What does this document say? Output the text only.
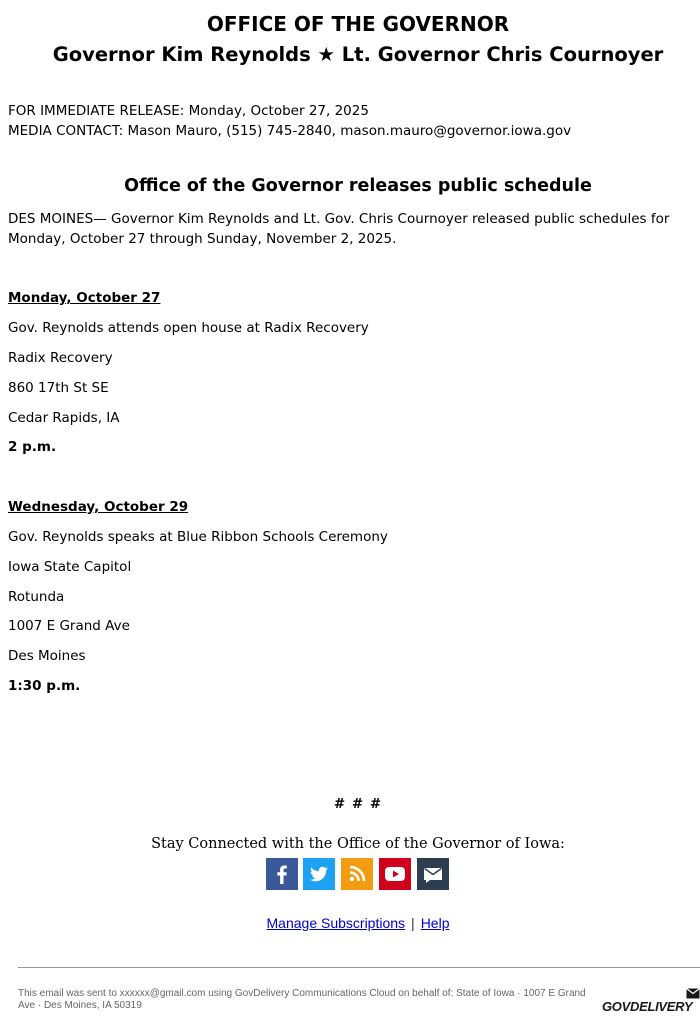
OFFICE OF THE GOVERNOR
Governor Kim Reynolds ★ Lt. Governor Chris Cournoyer
FOR IMMEDIATE RELEASE: Monday, October 27, 2025
MEDIA CONTACT: Mason Mauro, (515) 745-2840, mason.mauro@governor.iowa.gov
Office of the Governor releases public schedule
DES MOINES— Governor Kim Reynolds and Lt. Gov. Chris Cournoyer released public schedules for Monday, October 27 through Sunday, November 2, 2025.
Monday, October 27
Gov. Reynolds attends open house at Radix Recovery
Radix Recovery
860 17th St SE
Cedar Rapids, IA
2 p.m.
Wednesday, October 29
Gov. Reynolds speaks at Blue Ribbon Schools Ceremony
Iowa State Capitol
Rotunda
1007 E Grand Ave
Des Moines
1:30 p.m.
# # #
Stay Connected with the Office of the Governor of Iowa:
Manage Subscriptions | Help
This email was sent to xxxxxx@gmail.com using GovDelivery Communications Cloud on behalf of: State of Iowa · 1007 E Grand Ave · Des Moines, IA 50319	GOVDELIVERY
